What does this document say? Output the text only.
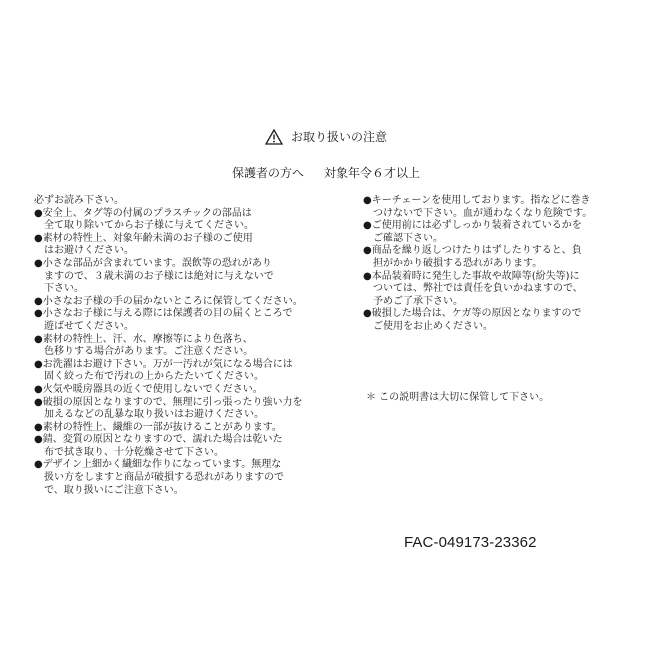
お取り扱いの注意
保護者の方へ 対象年令６才以上
必ずお読み下さい。
●安全上、タグ等の付属のプラスチックの部品は
　全て取り除いてからお子様に与えてください。
●素材の特性上、対象年齢未満のお子様のご使用
　はお避けください。
●小さな部品が含まれています。誤飲等の恐れがあり
　ますので、３歳未満のお子様には絶対に与えないで
　下さい。
●小さなお子様の手の届かないところに保管してください。
●小さなお子様に与える際には保護者の目の届くところで
　遊ばせてください。
●素材の特性上、汗、水、摩擦等により色落ち、
　色移りする場合があります。ご注意ください。
●お洗濯はお避け下さい。万が一汚れが気になる場合には
　固く絞った布で汚れの上からたたいてください。
●火気や暖房器具の近くで使用しないでください。
●破損の原因となりますので、無理に引っ張ったり強い力を
　加えるなどの乱暴な取り扱いはお避けください。
●素材の特性上、繊維の一部が抜けることがあります。
●錆、変質の原因となりますので、濡れた場合は乾いた
　布で拭き取り、十分乾燥させて下さい。
●デザイン上細かく繊細な作りになっています。無理な
　扱い方をしますと商品が破損する恐れがありますので
　で、取り扱いにご注意下さい。
●キーチェーンを使用しております。指などに巻き
　つけないで下さい。血が通わなくなり危険です。
●ご使用前には必ずしっかり装着されているかを
　ご確認下さい。
●商品を繰り返しつけたりはずしたりすると、負
　担がかかり破損する恐れがあります。
●本品装着時に発生した事故や故障等(紛失等)に
　ついては、弊社では責任を負いかねますので、
　予めご了承下さい。
●破損した場合は、ケガ等の原因となりますので
　ご使用をお止めください。
＊ この説明書は大切に保管して下さい。
FAC-049173-23362
